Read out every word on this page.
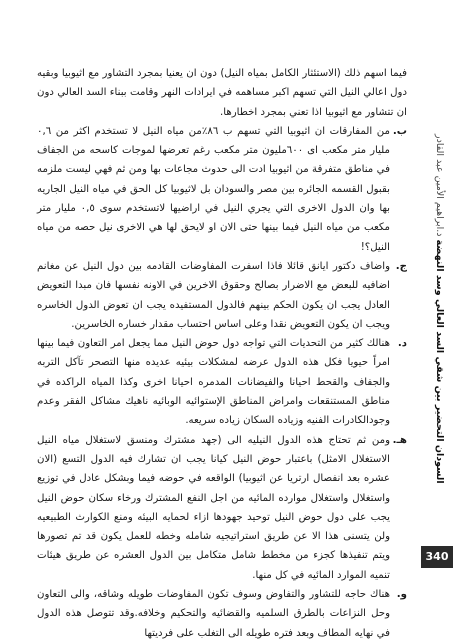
السودان التحضير بين شقي السد العالي وسد النهضة د.ابراهيم الأمين عبد القادر
340

فيما اسهم ذلك (الاستئثار الكامل بمياه النيل) دون ان يعنيا بمجرد التشاور مع اثيوبيا وبقيه دول اعالي النيل التي تسهم اكبر مساهمه في ايرادات النهر وقامت ببناء السد العالي دون ان تتشاور مع اثيوبيا اذا تعني بمجرد اخطارها.

ب.
من المفارقات ان اثيوبيا التي تسهم ب ٨٦٪من مياه النيل لا تستخدم اكثر من ٠,٦ مليار متر مكعب اى ٦٠٠مليون متر مكعب رغم تعرضها لموجات كاسحه من الجفاف في مناطق متفرقة من اثيوبيا ادت الى حدوث مجاعات بها ومن ثم فهي ليست ملزمه بقبول القسمه الجائره بين مصر والسودان بل لاثيوبيا كل الحق في مياه النيل الجاريه بها وان الدول الاخرى التي يجري النيل في اراضيها لاتستخدم سوى ٠,٥ مليار متر مكعب من مياه النيل فيما بينها حتى الان او لايحق لها هي الاخرى نيل حصه من مياه النيل؟!
ج.
واضاف دكتور ايانق قائلا فاذا اسفرت المفاوضات القادمه بين دول النيل عن مغانم اضافيه للبعض مع الاضرار بصالح وحقوق الاخرين في الاونه نفسها فان مبدا التعويض العادل يجب ان يكون الحكم بينهم فالدول المستفيده يجب ان تعوض الدول الخاسره ويجب ان يكون التعويض نقدا وعلى اساس احتساب مقدار خساره الخاسرين.
د.
هنالك كثير من التحديات التي تواجه دول حوض النيل مما يجعل امر التعاون فيما بينها امراً حيويا فكل هذه الدول عرضه لمشكلات بيئيه عديده منها التصحر تآكل التربه والجفاف والقحط احيانا والفيضانات المدمره احيانا اخرى وكذا المياه الراكده في مناطق المستنقعات وامراض المناطق الإستوائيه الوبائيه ناهيك مشاكل الفقر وعدم وجودالكادرات الفنيه وزياده السكان زياده سريعه.
هـ.
ومن ثم تحتاج هذه الدول النيليه الى (جهد مشترك ومنسق لاستغلال مياه النيل الاستغلال الامثل) باعتبار حوض النيل كيانا يجب ان تشارك فيه الدول التسع (الان عشره بعد انفصال ارتريا عن اثيوبيا) الواقعه في حوضه فيما وبشكل عادل في توزيع واستغلال واستغلال موارده المائيه من اجل النفع المشترك ورخاء سكان حوض النيل يجب على دول حوض النيل توحيد جهودها ازاء لحمايه البيئه ومنع الكوارث الطبيعيه ولن يتسنى هذا الا عن طريق استراتيجيه شامله وخطه للعمل يكون قد تم تصورها ويتم تنفيذها كجزء من مخطط شامل متكامل بين الدول العشره عن طريق هيئات تنميه الموارد المائيه في كل منها.
و.
هناك حاجه للتشاور والتفاوض وسوف تكون المفاوضات طويله وشاقه، والى التعاون وحل النزاعات بالطرق السلميه والقضائيه والتحكيم وخلافه.وقد تتوصل هذه الدول في نهايه المطاف وبعد فتره طويله الى التغلب على فرديتها
